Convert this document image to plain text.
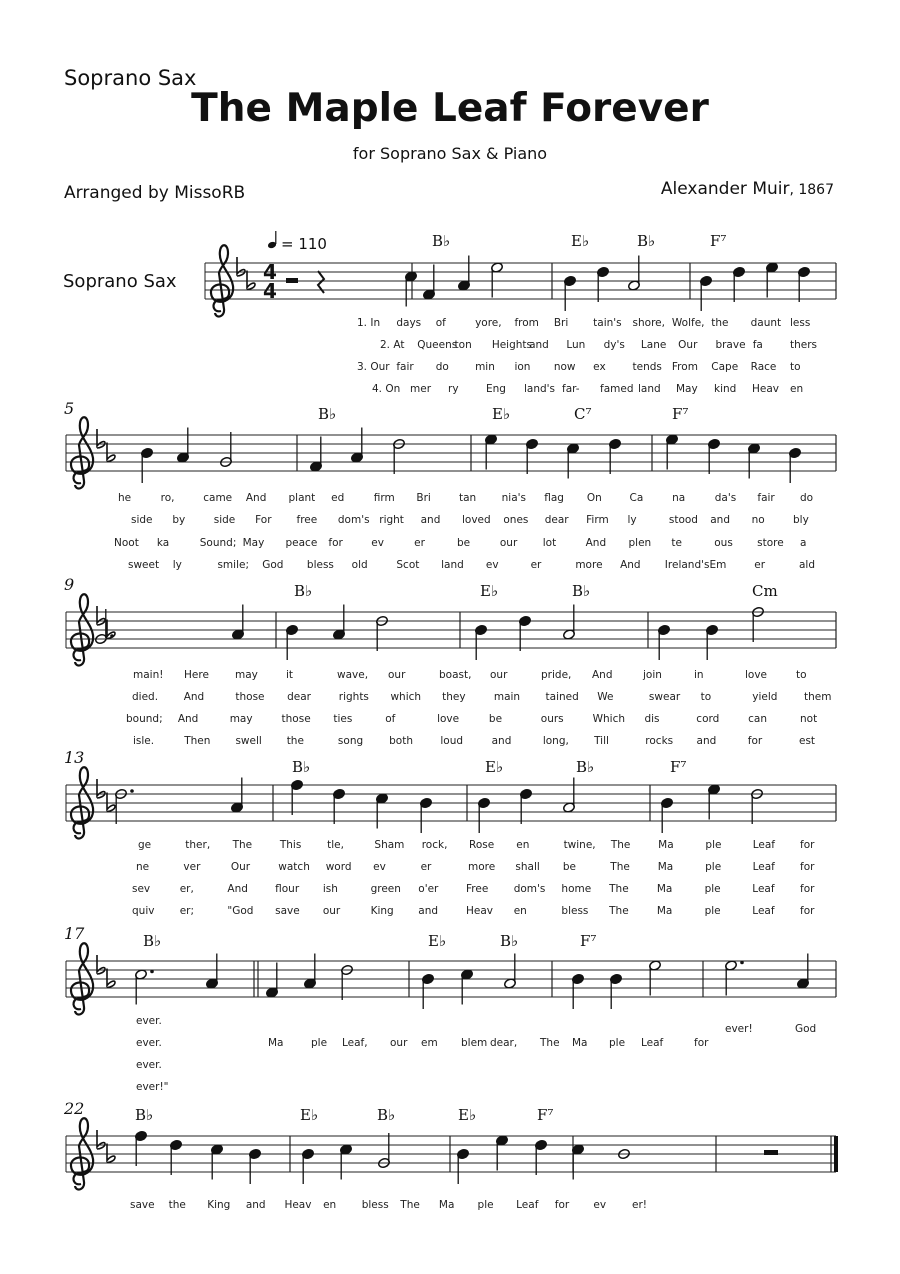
Soprano Sax
The Maple Leaf Forever
for Soprano Sax & Piano
Arranged by MissoRB	Alexander Muir, 1867
Soprano Sax
= 110
4
4
B♭	E♭	B♭	F⁷
1. In days of	yore, from Bri tain's shore, Wolfe, the daunt less
2. At Queens
ton Heights
and Lun dy's Lane Our brave fa	thers
3. Our fair do	min ion now ex	tends From Cape Race to
4. On mer ry	Eng land's far- famed land May kind Heav en
5	B♭	E♭	C⁷	F⁷
he	ro,	came And plant ed	firm Bri	tan nia's flag On	Ca	na	da's fair do
side by	side For free dom's right and loved ones dear Firm ly	stood and no	bly
Noot ka	Sound; May peace for	ev	er	be	our lot	And plen te	ous store a
sweet ly	smile; God bless old	Scot land ev	er	more And Ireland's Em	er	ald
9	B♭	E♭	B♭	Cm
main! Here may	it	wave, our	boast, our	pride, And	join	in	love	to
died. And	those dear	rights which they	main tained We	swear to	yield	them
bound; And	may	those ties	of	love	be	ours	Which dis	cord	can	not
isle.	Then swell the	song both	loud	and	long, Till	rocks and	for	est
13	B♭	E♭	B♭	F⁷
ge	ther, The	This tle,	Sham rock, Rose en	twine, The	Ma	ple	Leaf for
ne	ver	Our	watch word ev	er	more shall be	The	Ma	ple	Leaf for
sev	er,	And	flour ish	green o'er	Free dom's home The	Ma	ple	Leaf for
quiv er;	"God save our	King and	Heav en	bless The	Ma	ple	Leaf for
17	B♭	E♭	B♭	F⁷
ever.
ever.	Ma	ple Leaf, our em blem dear, The Ma ple Leaf	for
ever!	God
ever.
ever!"
22	B♭	E♭	B♭	E♭	F⁷
save the King and Heav en bless The Ma ple Leaf for ev er!
